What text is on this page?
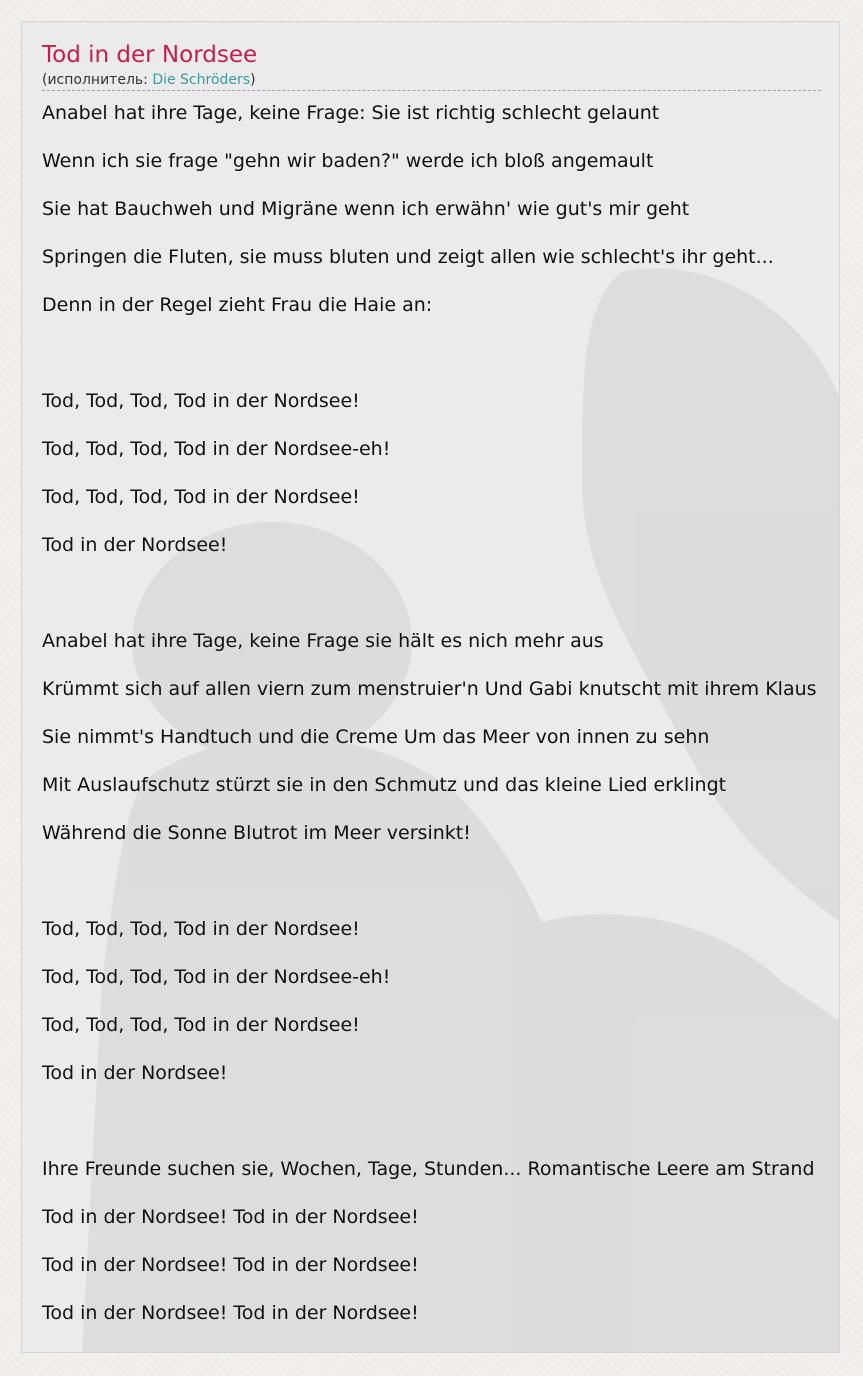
Tod in der Nordsee
(исполнитель: Die Schröders)
Anabel hat ihre Tage, keine Frage: Sie ist richtig schlecht gelaunt
Wenn ich sie frage "gehn wir baden?" werde ich bloß angemault
Sie hat Bauchweh und Migräne wenn ich erwähn' wie gut's mir geht
Springen die Fluten, sie muss bluten und zeigt allen wie schlecht's ihr geht...
Denn in der Regel zieht Frau die Haie an:
Tod, Tod, Tod, Tod in der Nordsee!
Tod, Tod, Tod, Tod in der Nordsee-eh!
Tod, Tod, Tod, Tod in der Nordsee!
Tod in der Nordsee!
Anabel hat ihre Tage, keine Frage sie hält es nich mehr aus
Krümmt sich auf allen viern zum menstruier'n Und Gabi knutscht mit ihrem Klaus
Sie nimmt's Handtuch und die Creme Um das Meer von innen zu sehn
Mit Auslaufschutz stürzt sie in den Schmutz und das kleine Lied erklingt
Während die Sonne Blutrot im Meer versinkt!
Tod, Tod, Tod, Tod in der Nordsee!
Tod, Tod, Tod, Tod in der Nordsee-eh!
Tod, Tod, Tod, Tod in der Nordsee!
Tod in der Nordsee!
Ihre Freunde suchen sie, Wochen, Tage, Stunden... Romantische Leere am Strand
Tod in der Nordsee! Tod in der Nordsee!
Tod in der Nordsee! Tod in der Nordsee!
Tod in der Nordsee! Tod in der Nordsee!
